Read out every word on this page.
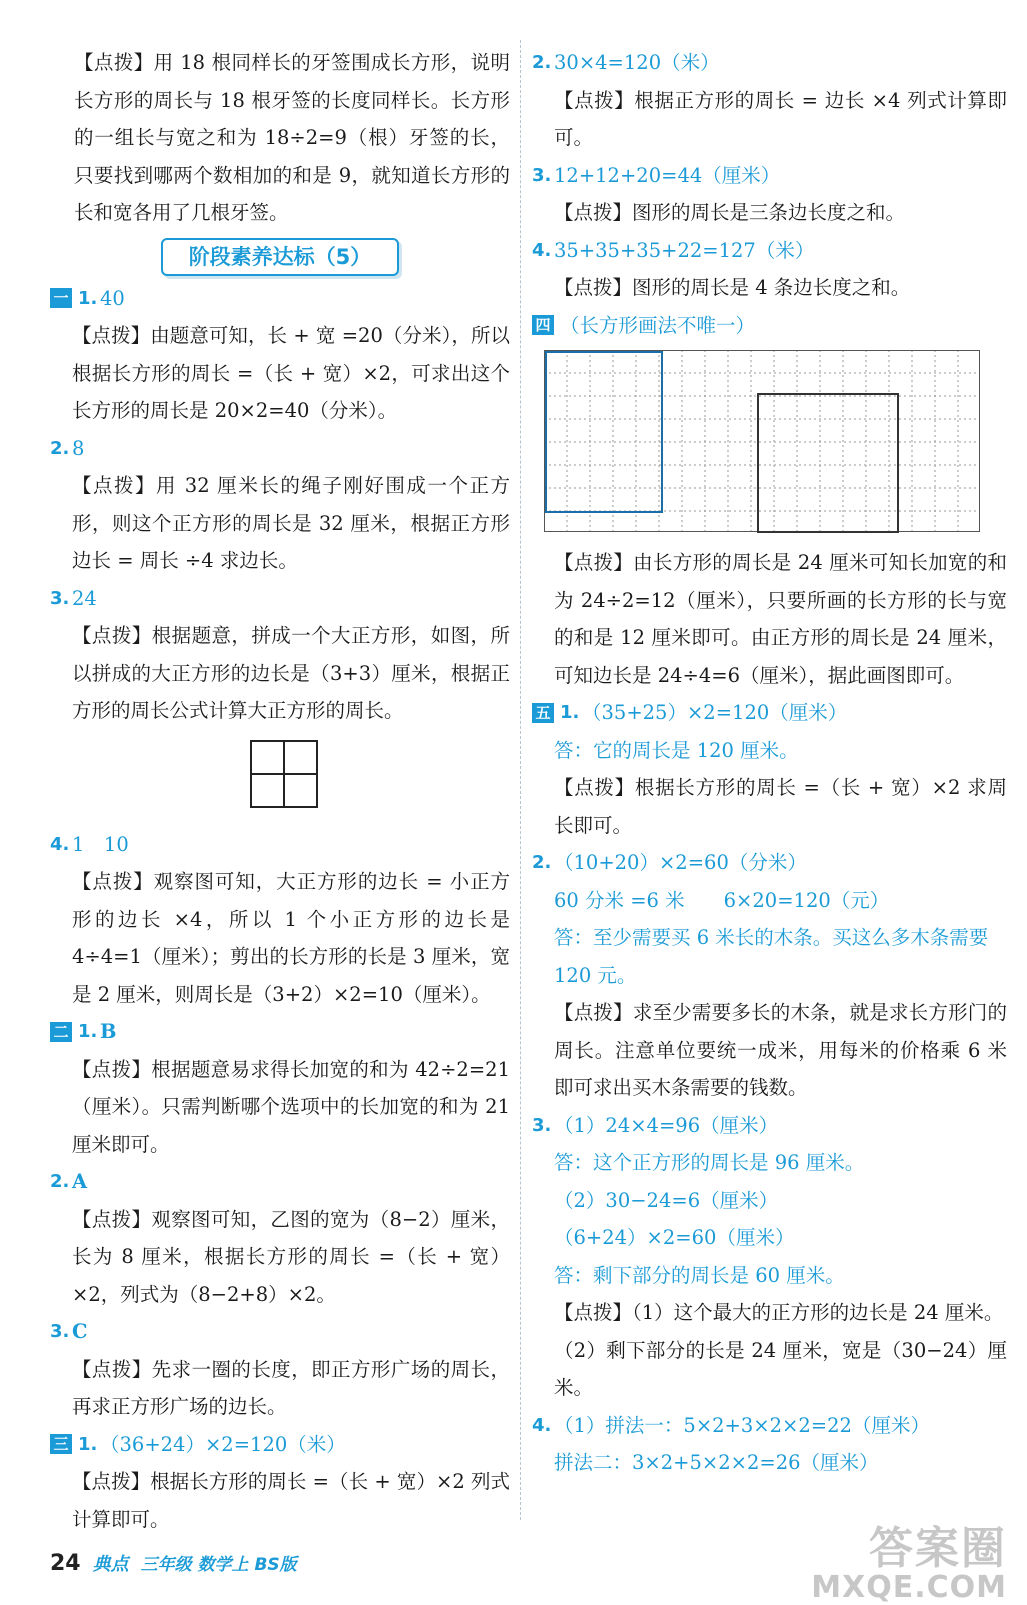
【点拨】用 18 根同样长的牙签围成长方形，说明长方形的周长与 18 根牙签的长度同样长。长方形的一组长与宽之和为 18÷2=9（根）牙签的长，只要找到哪两个数相加的和是 9，就知道长方形的长和宽各用了几根牙签。

阶段素养达标（5）
一 1. 40

【点拨】由题意可知，长 + 宽 =20（分米），所以根据长方形的周长 =（长 + 宽）×2，可求出这个长方形的周长是 20×2=40（分米）。

2. 8

【点拨】用 32 厘米长的绳子刚好围成一个正方形，则这个正方形的周长是 32 厘米，根据正方形边长 = 周长 ÷4 求边长。

3. 24

【点拨】根据题意，拼成一个大正方形，如图，所以拼成的大正方形的边长是（3+3）厘米，根据正方形的周长公式计算大正方形的周长。

4. 1　10

【点拨】观察图可知，大正方形的边长 = 小正方形的边长 ×4，所以 1 个小正方形的边长是 4÷4=1（厘米）；剪出的长方形的长是 3 厘米，宽是 2 厘米，则周长是（3+2）×2=10（厘米）。

二 1. B

【点拨】根据题意易求得长加宽的和为 42÷2=21（厘米）。只需判断哪个选项中的长加宽的和为 21 厘米即可。

2. A

【点拨】观察图可知，乙图的宽为（8−2）厘米，长为 8 厘米，根据长方形的周长 =（长 + 宽）×2，列式为（8−2+8）×2。

3. C

【点拨】先求一圈的长度，即正方形广场的周长，再求正方形广场的边长。

三 1. （36+24）×2=120（米）

【点拨】根据长方形的周长 =（长 + 宽）×2 列式计算即可。

2. 30×4=120（米）

【点拨】根据正方形的周长 = 边长 ×4 列式计算即可。

3. 12+12+20=44（厘米）

【点拨】图形的周长是三条边长度之和。

4. 35+35+35+22=127（米）

【点拨】图形的周长是 4 条边长度之和。

四 （长方形画法不唯一）

【点拨】由长方形的周长是 24 厘米可知长加宽的和为 24÷2=12（厘米），只要所画的长方形的长与宽的和是 12 厘米即可。由正方形的周长是 24 厘米，可知边长是 24÷4=6（厘米），据此画图即可。

五 1. （35+25）×2=120（厘米）

答：它的周长是 120 厘米。

【点拨】根据长方形的周长 =（长 + 宽）×2 求周长即可。

2. （10+20）×2=60（分米）

60 分米 =6 米　　6×20=120（元）

答：至少需要买 6 米长的木条。买这么多木条需要 120 元。

【点拨】求至少需要多长的木条，就是求长方形门的周长。注意单位要统一成米，用每米的价格乘 6 米即可求出买木条需要的钱数。

3. （1）24×4=96（厘米）

答：这个正方形的周长是 96 厘米。

（2）30−24=6（厘米）

（6+24）×2=60（厘米）

答：剩下部分的周长是 60 厘米。

【点拨】（1）这个最大的正方形的边长是 24 厘米。

（2）剩下部分的长是 24 厘米，宽是（30−24）厘米。

4. （1）拼法一：5×2+3×2×2=22（厘米）

拼法二：3×2+5×2×2=26（厘米）

24 典点 三年级 数学上 BS版	答案圈
MXQE.COM
